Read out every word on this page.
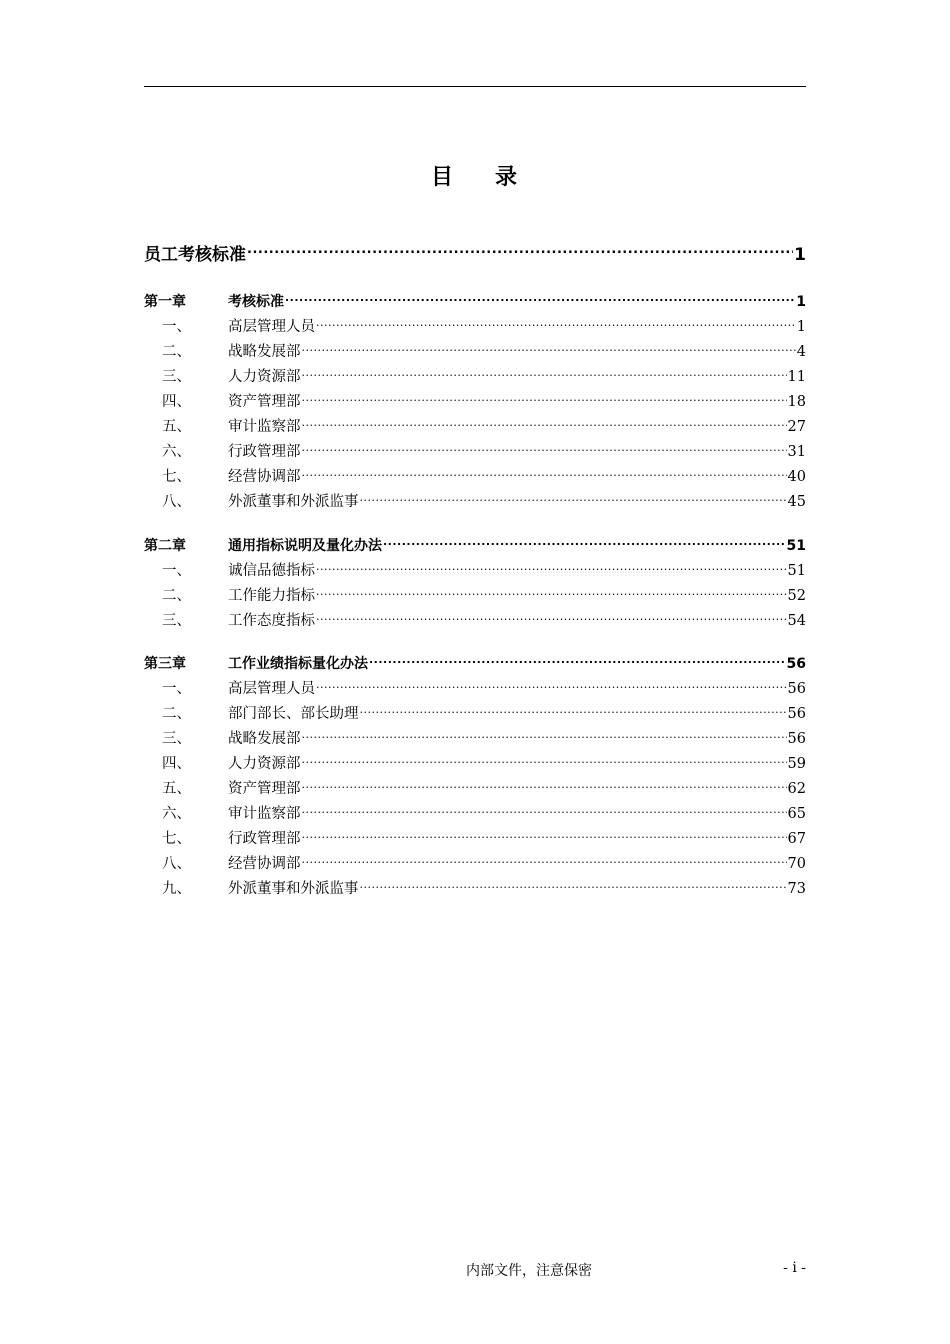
目 录
员工考核标准 .....	1
第一章	考核标准 .....	1
一、	高层管理人员 .....	1
二、	战略发展部 .....	4
三、	人力资源部 .....	11
四、	资产管理部 .....	18
五、	审计监察部 .....	27
六、	行政管理部 .....	31
七、	经营协调部 .....	40
八、	外派董事和外派监事 .....	45
第二章	通用指标说明及量化办法 .....	51
一、	诚信品德指标 .....	51
二、	工作能力指标 .....	52
三、	工作态度指标 .....	54
第三章	工作业绩指标量化办法 .....	56
一、	高层管理人员 .....	56
二、	部门部长、部长助理 .....	56
三、	战略发展部 .....	56
四、	人力资源部 .....	59
五、	资产管理部 .....	62
六、	审计监察部 .....	65
七、	行政管理部 .....	67
八、	经营协调部 .....	70
九、	外派董事和外派监事 .....	73
内部文件，注意保密	- i -
